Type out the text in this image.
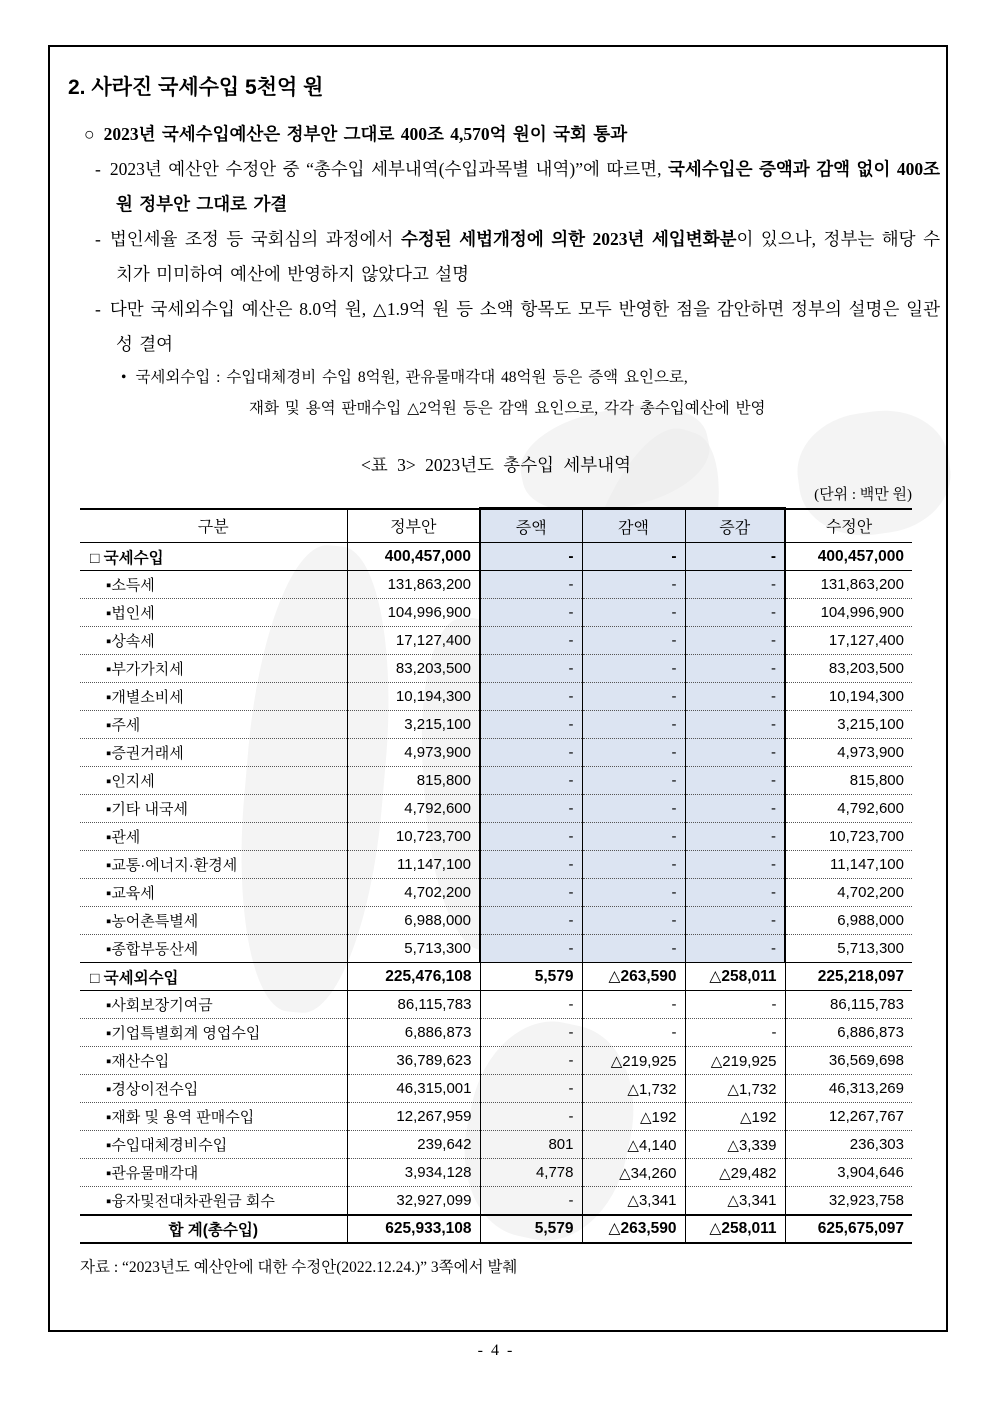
2. 사라진 국세수입 5천억 원
○ 2023년 국세수입예산은 정부안 그대로 400조 4,570억 원이 국회 통과
- 2023년 예산안 수정안 중 “총수입 세부내역(수입과목별 내역)”에 따르면, 국세수입은 증액과 감액 없이 400조 원 정부안 그대로 가결
- 법인세율 조정 등 국회심의 과정에서 수정된 세법개정에 의한 2023년 세입변화분이 있으나, 정부는 해당 수치가 미미하여 예산에 반영하지 않았다고 설명
- 다만 국세외수입 예산은 8.0억 원, △1.9억 원 등 소액 항목도 모두 반영한 점을 감안하면 정부의 설명은 일관성 결여
• 국세외수입 : 수입대체경비 수입 8억원, 관유물매각대 48억원 등은 증액 요인으로,
재화 및 용역 판매수입 △2억원 등은 감액 요인으로, 각각 총수입예산에 반영
<표 3> 2023년도 총수입 세부내역
(단위 : 백만 원)
구분	정부안	증액	감액	증감	수정안
□ 국세수입	400,457,000	-	-	-	400,457,000
▪소득세	131,863,200	-	-	-	131,863,200
▪법인세	104,996,900	-	-	-	104,996,900
▪상속세	17,127,400	-	-	-	17,127,400
▪부가가치세	83,203,500	-	-	-	83,203,500
▪개별소비세	10,194,300	-	-	-	10,194,300
▪주세	3,215,100	-	-	-	3,215,100
▪증권거래세	4,973,900	-	-	-	4,973,900
▪인지세	815,800	-	-	-	815,800
▪기타 내국세	4,792,600	-	-	-	4,792,600
▪관세	10,723,700	-	-	-	10,723,700
▪교통·에너지·환경세	11,147,100	-	-	-	11,147,100
▪교육세	4,702,200	-	-	-	4,702,200
▪농어촌특별세	6,988,000	-	-	-	6,988,000
▪종합부동산세	5,713,300	-	-	-	5,713,300
□ 국세외수입	225,476,108	5,579	△263,590	△258,011	225,218,097
▪사회보장기여금	86,115,783	-	-	-	86,115,783
▪기업특별회계 영업수입	6,886,873	-	-	-	6,886,873
▪재산수입	36,789,623	-	△219,925	△219,925	36,569,698
▪경상이전수입	46,315,001	-	△1,732	△1,732	46,313,269
▪재화 및 용역 판매수입	12,267,959	-	△192	△192	12,267,767
▪수입대체경비수입	239,642	801	△4,140	△3,339	236,303
▪관유물매각대	3,934,128	4,778	△34,260	△29,482	3,904,646
▪융자및전대차관원금 회수	32,927,099	-	△3,341	△3,341	32,923,758
합 계(총수입)	625,933,108	5,579	△263,590	△258,011	625,675,097
자료 : “2023년도 예산안에 대한 수정안(2022.12.24.)” 3쪽에서 발췌
- 4 -
